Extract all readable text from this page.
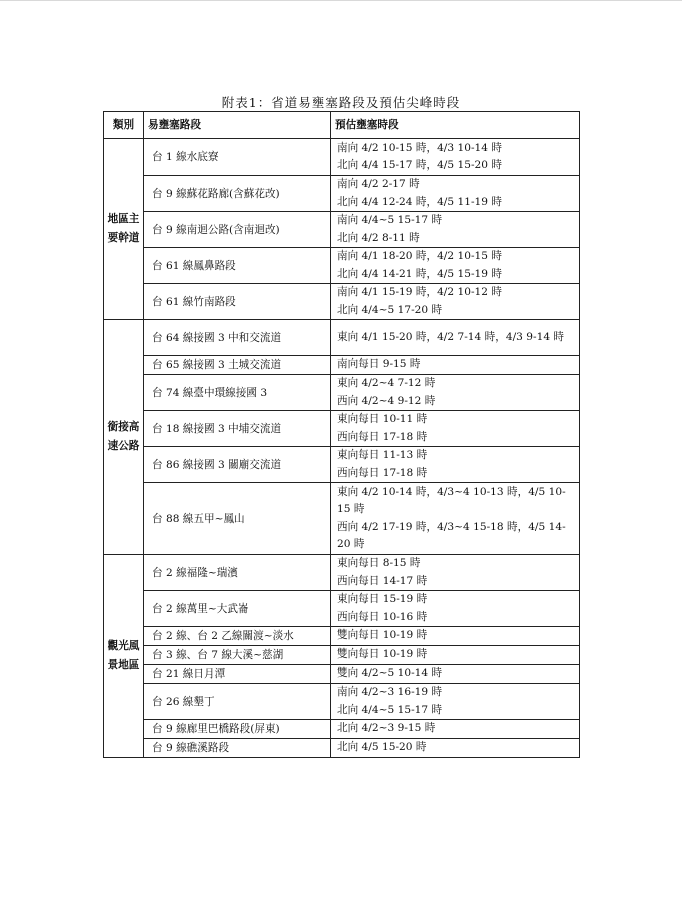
附表1：省道易壅塞路段及預估尖峰時段
類別	易壅塞路段	預估壅塞時段
地區主要幹道	台 1 線水底寮	南向 4/2 10-15 時，4/3 10-14 時
北向 4/4 15-17 時，4/5 15-20 時

	台 9 線蘇花路廊(含蘇花改)	南向 4/2 2-17 時
北向 4/4 12-24 時，4/5 11-19 時

	台 9 線南迴公路(含南迴改)	南向 4/4~5 15-17 時
北向 4/2 8-11 時

	台 61 線鳳鼻路段	南向 4/1 18-20 時，4/2 10-15 時
北向 4/4 14-21 時，4/5 15-19 時

	台 61 線竹南路段	南向 4/1 15-19 時，4/2 10-12 時
北向 4/4~5 17-20 時

銜接高速公路	台 64 線接國 3 中和交流道	東向 4/1 15-20 時，4/2 7-14 時，4/3 9-14 時

	台 65 線接國 3 土城交流道	南向每日 9-15 時

	台 74 線臺中環線接國 3	東向 4/2~4 7-12 時
西向 4/2~4 9-12 時

	台 18 線接國 3 中埔交流道	東向每日 10-11 時
西向每日 17-18 時

	台 86 線接國 3 關廟交流道	東向每日 11-13 時
西向每日 17-18 時

	台 88 線五甲~鳳山	東向 4/2 10-14 時，4/3~4 10-13 時，4/5 10-15 時
西向 4/2 17-19 時，4/3~4 15-18 時，4/5 14-20 時

觀光風景地區	台 2 線福隆~瑞濱	東向每日 8-15 時
西向每日 14-17 時

	台 2 線萬里~大武崙	東向每日 15-19 時
西向每日 10-16 時

	台 2 線、台 2 乙線關渡~淡水	雙向每日 10-19 時

	台 3 線、台 7 線大溪~慈湖	雙向每日 10-19 時

	台 21 線日月潭	雙向 4/2~5 10-14 時

	台 26 線墾丁	南向 4/2~3 16-19 時
北向 4/4~5 15-17 時

	台 9 線廊里巴橋路段(屏東)	北向 4/2~3 9-15 時

	台 9 線礁溪路段	北向 4/5 15-20 時
